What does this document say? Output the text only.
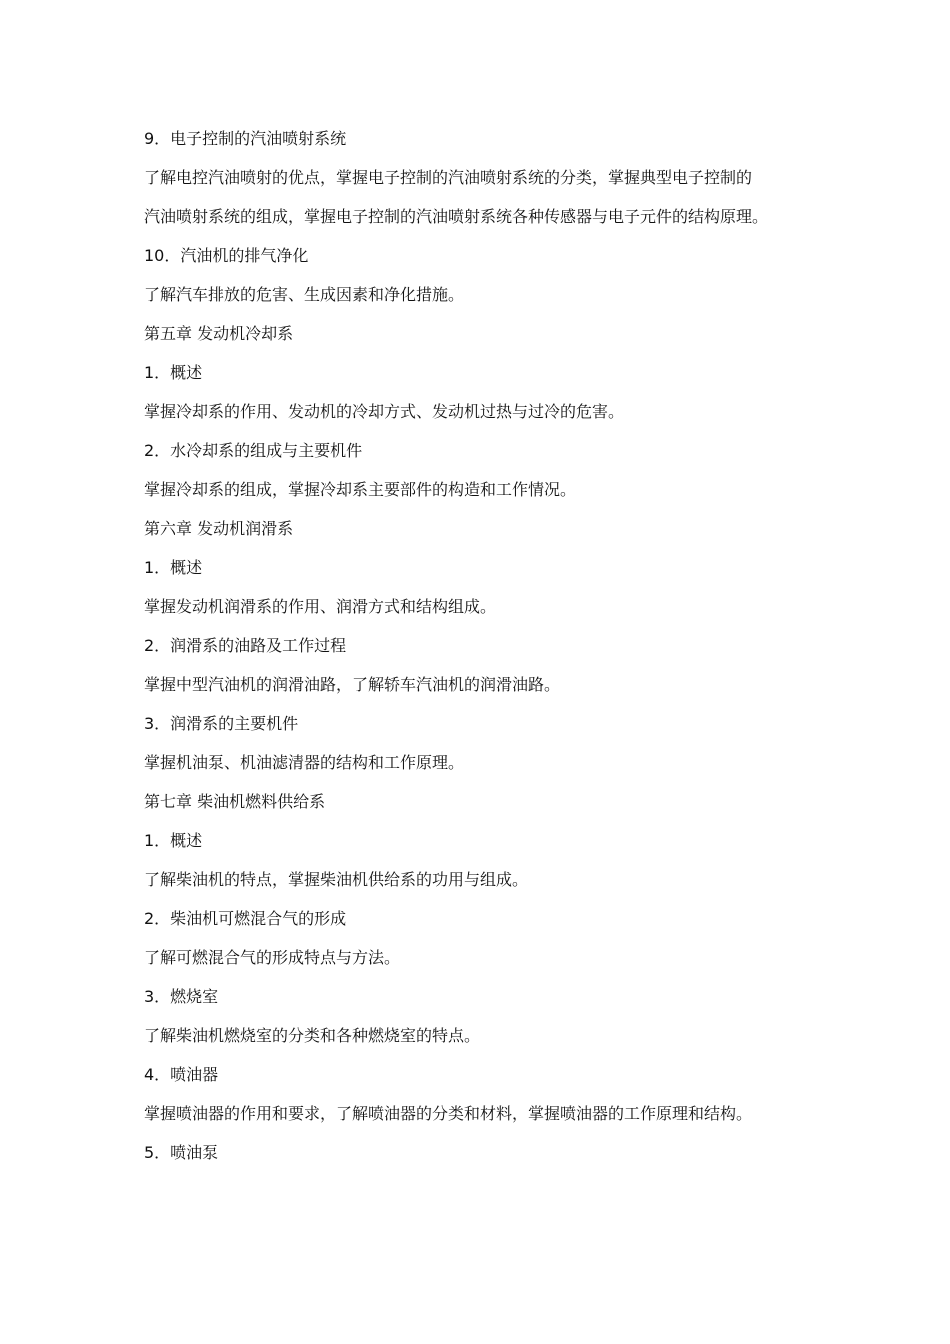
9．电子控制的汽油喷射系统

了解电控汽油喷射的优点，掌握电子控制的汽油喷射系统的分类，掌握典型电子控制的

汽油喷射系统的组成，掌握电子控制的汽油喷射系统各种传感器与电子元件的结构原理。

10．汽油机的排气净化

了解汽车排放的危害、生成因素和净化措施。

第五章 发动机冷却系

1．概述

掌握冷却系的作用、发动机的冷却方式、发动机过热与过冷的危害。

2．水冷却系的组成与主要机件

掌握冷却系的组成，掌握冷却系主要部件的构造和工作情况。

第六章 发动机润滑系

1．概述

掌握发动机润滑系的作用、润滑方式和结构组成。

2．润滑系的油路及工作过程

掌握中型汽油机的润滑油路，了解轿车汽油机的润滑油路。

3．润滑系的主要机件

掌握机油泵、机油滤清器的结构和工作原理。

第七章 柴油机燃料供给系

1．概述

了解柴油机的特点，掌握柴油机供给系的功用与组成。

2．柴油机可燃混合气的形成

了解可燃混合气的形成特点与方法。

3．燃烧室

了解柴油机燃烧室的分类和各种燃烧室的特点。

4．喷油器

掌握喷油器的作用和要求，了解喷油器的分类和材料，掌握喷油器的工作原理和结构。

5．喷油泵
